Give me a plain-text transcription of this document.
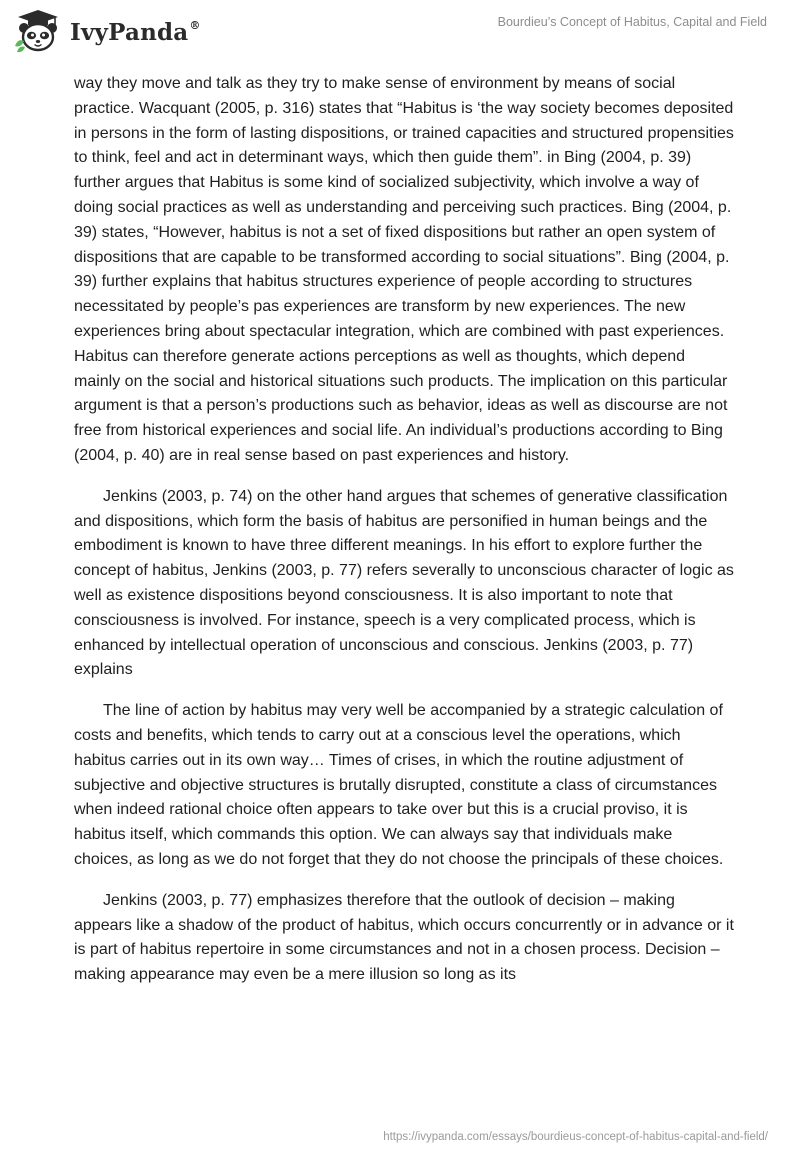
IvyPanda®	Bourdieu’s Concept of Habitus, Capital and Field

way they move and talk as they try to make sense of environment by means of social practice. Wacquant (2005, p. 316) states that “Habitus is ‘the way society becomes deposited in persons in the form of lasting dispositions, or trained capacities and structured propensities to think, feel and act in determinant ways, which then guide them”. in Bing (2004, p. 39) further argues that Habitus is some kind of socialized subjectivity, which involve a way of doing social practices as well as understanding and perceiving such practices. Bing (2004, p. 39) states, “However, habitus is not a set of fixed dispositions but rather an open system of dispositions that are capable to be transformed according to social situations”. Bing (2004, p. 39) further explains that habitus structures experience of people according to structures necessitated by people’s pas experiences are transform by new experiences. The new experiences bring about spectacular integration, which are combined with past experiences. Habitus can therefore generate actions perceptions as well as thoughts, which depend mainly on the social and historical situations such products. The implication on this particular argument is that a person’s productions such as behavior, ideas as well as discourse are not free from historical experiences and social life. An individual’s productions according to Bing (2004, p. 40) are in real sense based on past experiences and history.

Jenkins (2003, p. 74) on the other hand argues that schemes of generative classification and dispositions, which form the basis of habitus are personified in human beings and the embodiment is known to have three different meanings. In his effort to explore further the concept of habitus, Jenkins (2003, p. 77) refers severally to unconscious character of logic as well as existence dispositions beyond consciousness. It is also important to note that consciousness is involved. For instance, speech is a very complicated process, which is enhanced by intellectual operation of unconscious and conscious. Jenkins (2003, p. 77) explains

The line of action by habitus may very well be accompanied by a strategic calculation of costs and benefits, which tends to carry out at a conscious level the operations, which habitus carries out in its own way… Times of crises, in which the routine adjustment of subjective and objective structures is brutally disrupted, constitute a class of circumstances when indeed rational choice often appears to take over but this is a crucial proviso, it is habitus itself, which commands this option. We can always say that individuals make choices, as long as we do not forget that they do not choose the principals of these choices.

Jenkins (2003, p. 77) emphasizes therefore that the outlook of decision – making appears like a shadow of the product of habitus, which occurs concurrently or in advance or it is part of habitus repertoire in some circumstances and not in a chosen process. Decision – making appearance may even be a mere illusion so long as its

https://ivypanda.com/essays/bourdieus-concept-of-habitus-capital-and-field/
